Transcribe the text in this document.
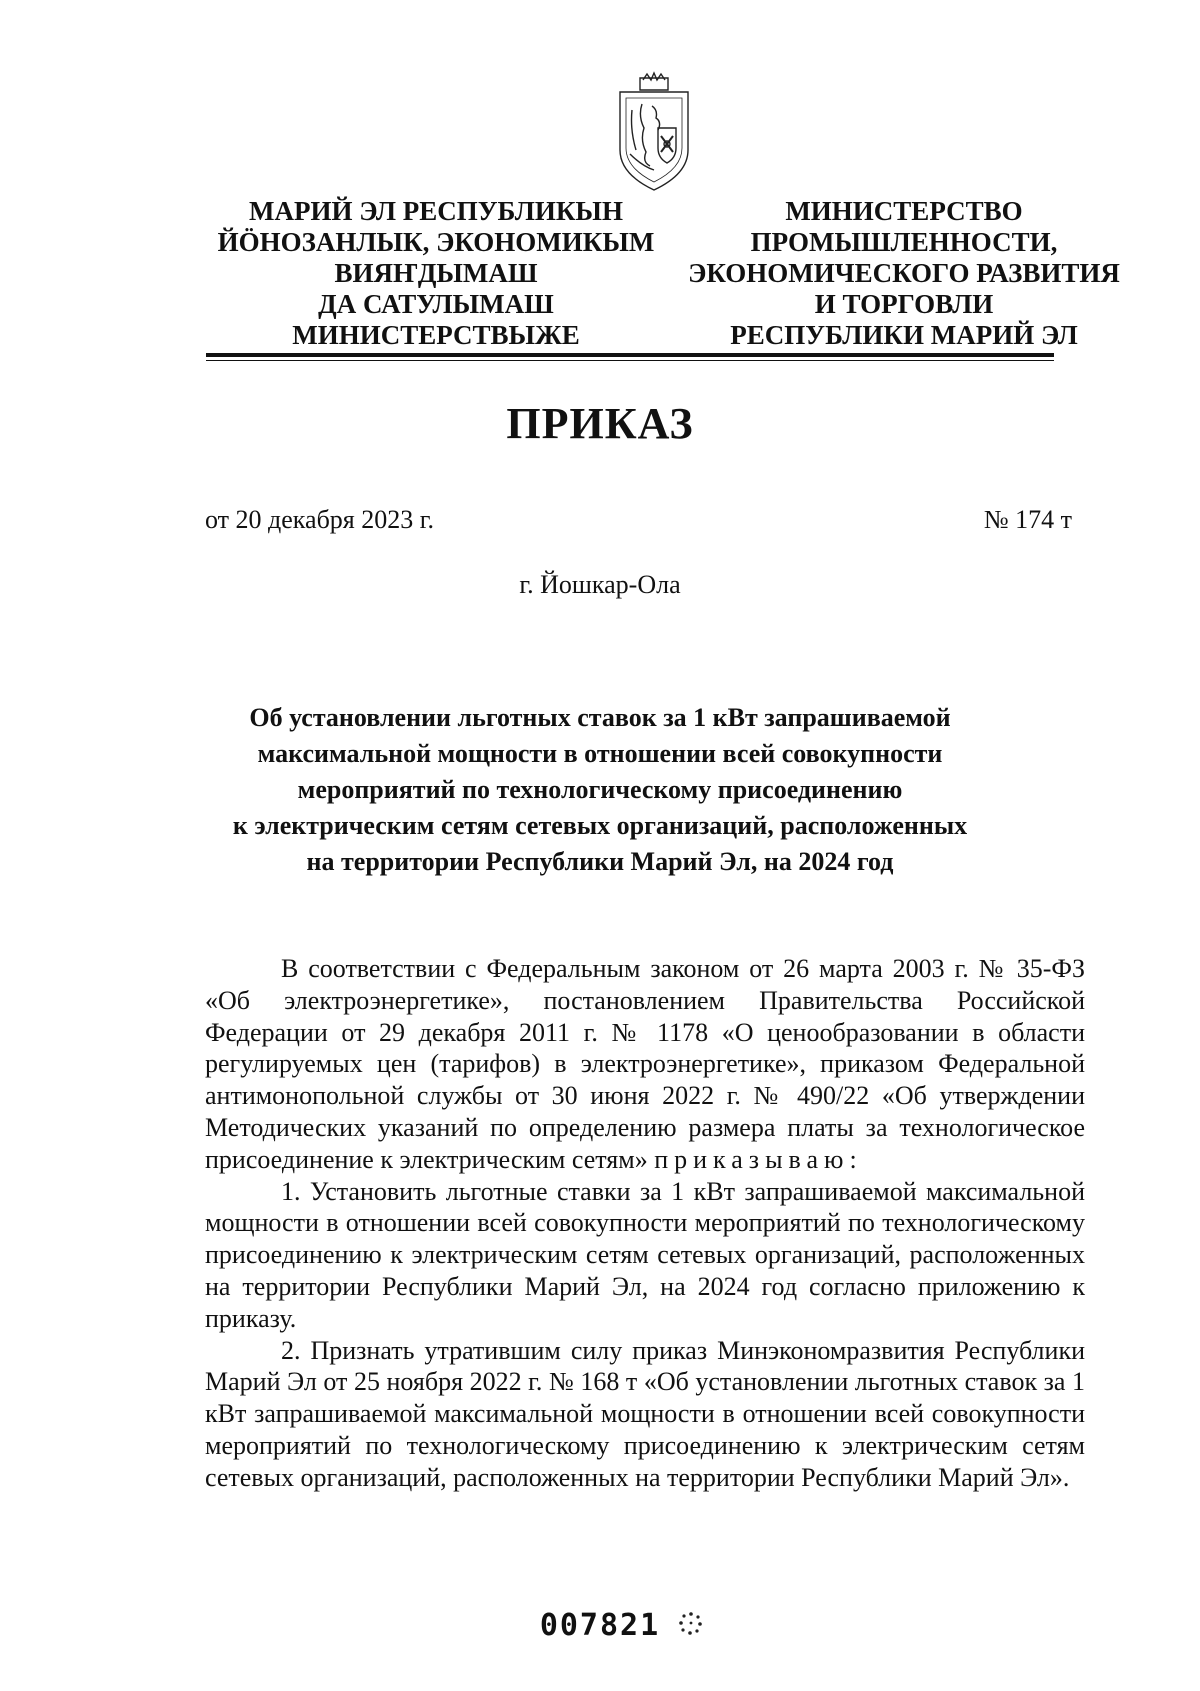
МАРИЙ ЭЛ РЕСПУБЛИКЫН
ЙӦНОЗАНЛЫК, ЭКОНОМИКЫМ
ВИЯҤДЫМАШ
ДА САТУЛЫМАШ
МИНИСТЕРСТВЫЖЕ
МИНИСТЕРСТВО
ПРОМЫШЛЕННОСТИ,
ЭКОНОМИЧЕСКОГО РАЗВИТИЯ
И ТОРГОВЛИ
РЕСПУБЛИКИ МАРИЙ ЭЛ
ПРИКАЗ
от 20 декабря 2023 г.	№ 174 т
г. Йошкар-Ола
Об установлении льготных ставок за 1 кВт запрашиваемой
максимальной мощности в отношении всей совокупности
мероприятий по технологическому присоединению
к электрическим сетям сетевых организаций, расположенных
на территории Республики Марий Эл, на 2024 год

В соответствии с Федеральным законом от 26 марта 2003 г. № 35-ФЗ «Об электроэнергетике», постановлением Правительства Российской Федерации от 29 декабря 2011 г. № 1178 «О ценообразовании в области регулируемых цен (тарифов) в электроэнергетике», приказом Федеральной антимонопольной службы от 30 июня 2022 г. № 490/22 «Об утверждении Методических указаний по определению размера платы за технологическое присоединение к электрическим сетям» приказываю:

1. Установить льготные ставки за 1 кВт запрашиваемой максимальной мощности в отношении всей совокупности мероприятий по технологическому присоединению к электрическим сетям сетевых организаций, расположенных на территории Республики Марий Эл, на 2024 год согласно приложению к приказу.

2. Признать утратившим силу приказ Минэкономразвития Республики Марий Эл от 25 ноября 2022 г. № 168 т «Об установлении льготных ставок за 1 кВт запрашиваемой максимальной мощности в отношении всей совокупности мероприятий по технологическому присоединению к электрическим сетям сетевых организаций, расположенных на территории Республики Марий Эл».

007821
